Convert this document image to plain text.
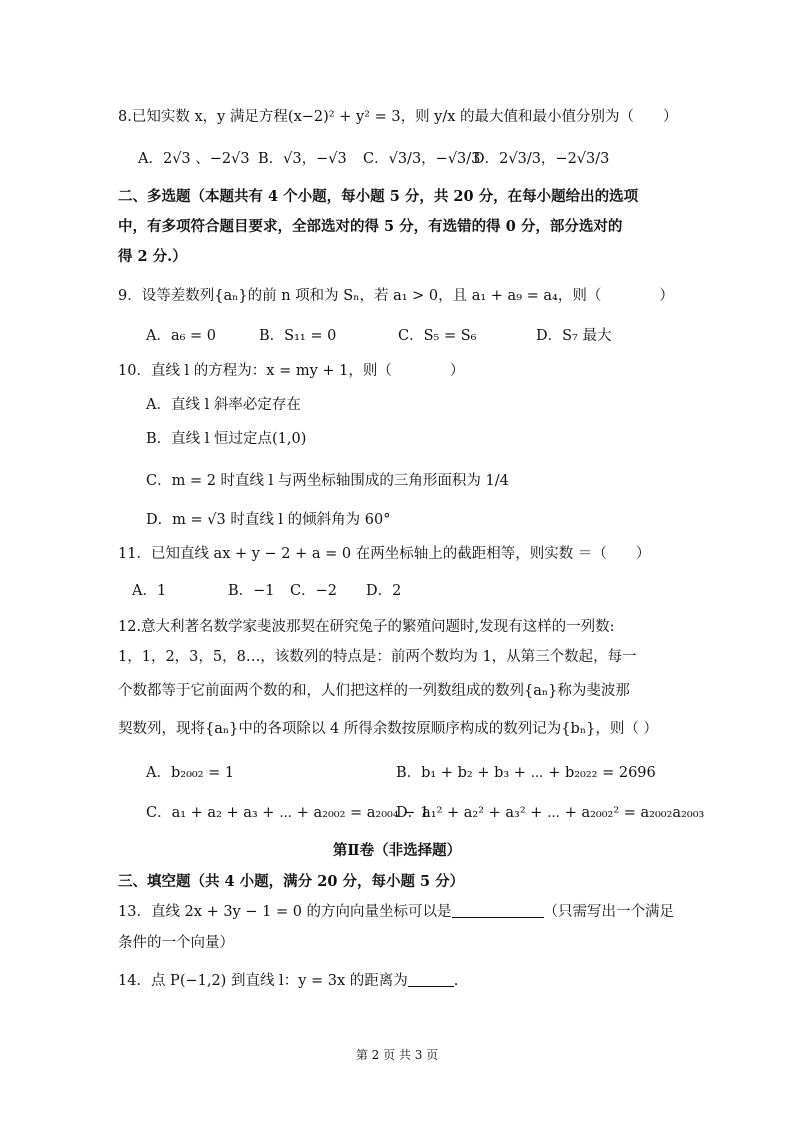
8.已知实数 x，y 满足方程(x−2)² + y² = 3，则 y/x 的最大值和最小值分别为（　　）
A．2√3 、−2√3 B．√3，−√3 C．√3/3，−√3/3
D．2√3/3，−2√3/3
二、多选题（本题共有 4 个小题，每小题 5 分，共 20 分，在每小题给出的选项
中，有多项符合题目要求，全部选对的得 5 分，有选错的得 0 分，部分选对的
得 2 分.）
9．设等差数列{aₙ}的前 n 项和为 Sₙ，若 a₁ > 0，且 a₁ + a₉ = a₄，则（　　　　）
A．a₆ = 0	B．S₁₁ = 0	C．S₅ = S₆	D．S₇ 最大
10．直线 l 的方程为：x = my + 1，则（　　　　）
A．直线 l 斜率必定存在
B．直线 l 恒过定点(1,0)
C．m = 2 时直线 l 与两坐标轴围成的三角形面积为 1/4
D．m = √3 时直线 l 的倾斜角为 60°
11．已知直线 ax + y − 2 + a = 0 在两坐标轴上的截距相等，则实数 ＝（　　）
A．1	B．−1 C．−2 D．2
12.意大利著名数学家斐波那契在研究兔子的繁殖问题时,发现有这样的一列数:
1，1，2，3，5，8…，该数列的特点是：前两个数均为 1，从第三个数起，每一
个数都等于它前面两个数的和，人们把这样的一列数组成的数列{aₙ}称为斐波那
契数列，现将{aₙ}中的各项除以 4 所得余数按原顺序构成的数列记为{bₙ}，则（ ）
A．b₂₀₀₂ = 1	B．b₁ + b₂ + b₃ + ⋯ + b₂₀₂₂ = 2696
C．a₁ + a₂ + a₃ + ⋯ + a₂₀₀₂ = a₂₀₀₄ − 1
D．a₁² + a₂² + a₃² + ⋯ + a₂₀₀₂² = a₂₀₀₂a₂₀₀₃
第Ⅱ卷（非选择题）
三、填空题（共 4 小题，满分 20 分，每小题 5 分）
13．直线 2x + 3y − 1 = 0 的方向向量坐标可以是	（只需写出一个满足
条件的一个向量）
14．点 P(−1,2) 到直线 l：y = 3x 的距离为	.
第 2 页 共 3 页
